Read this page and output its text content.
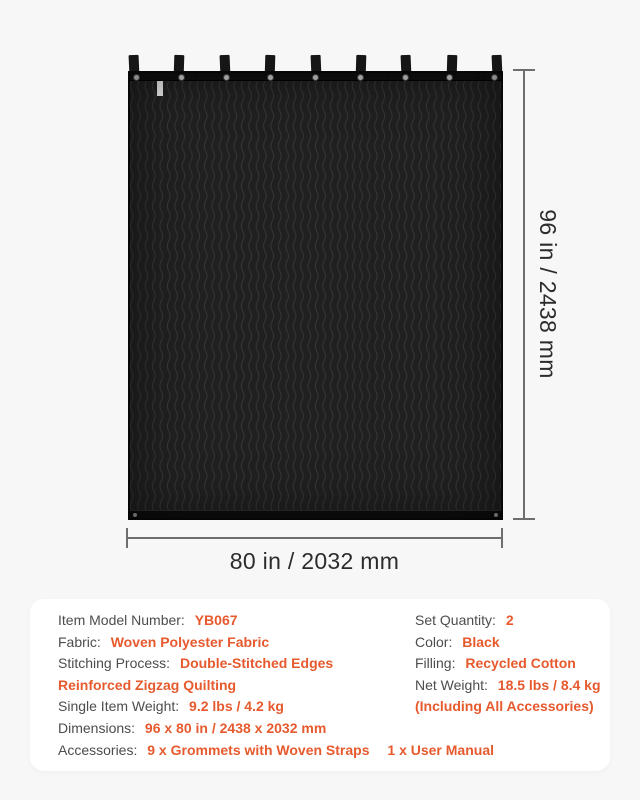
96 in / 2438 mm
80 in / 2032 mm
Item Model Number: YB067
Fabric: Woven Polyester Fabric
Stitching Process: Double-Stitched Edges
Reinforced Zigzag Quilting
Single Item Weight: 9.2 lbs / 4.2 kg
Dimensions: 96 x 80 in / 2438 x 2032 mm
Accessories: 9 x Grommets with Woven Straps 1 x User Manual
Set Quantity: 2
Color: Black
Filling: Recycled Cotton
Net Weight: 18.5 lbs / 8.4 kg
(Including All Accessories)
